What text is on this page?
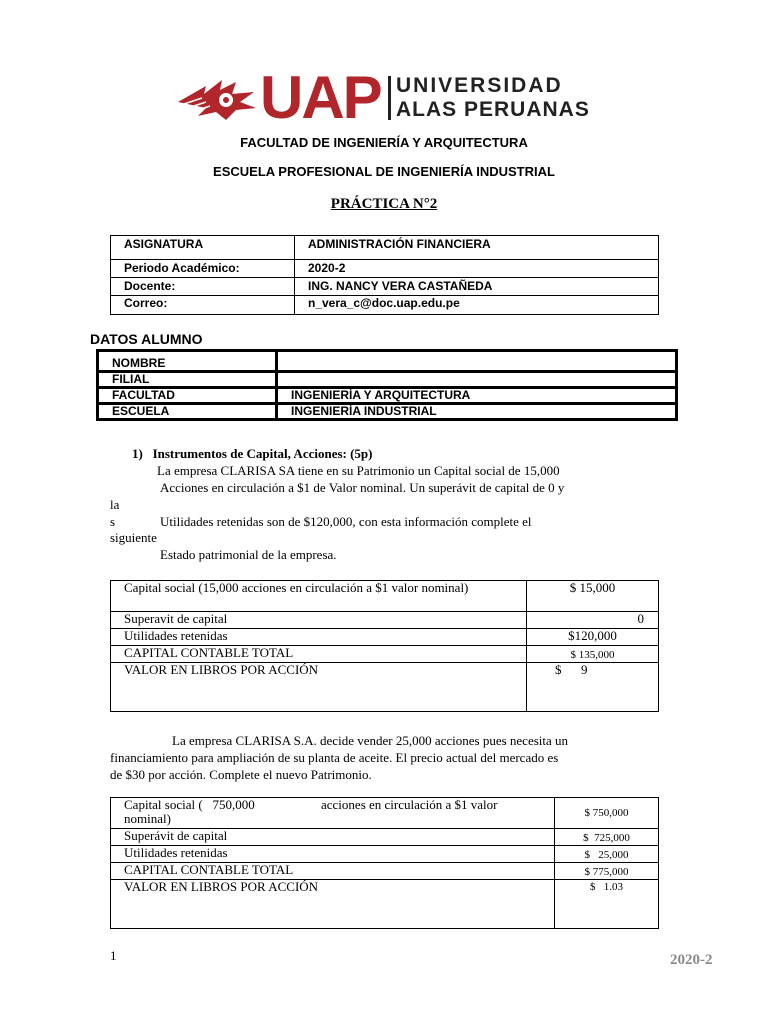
UAP UNIVERSIDAD
ALAS PERUANAS
FACULTAD DE INGENIERÍA Y ARQUITECTURA
ESCUELA PROFESIONAL DE INGENIERÍA INDUSTRIAL
PRÁCTICA N°2
ASIGNATURA	ADMINISTRACIÓN FINANCIERA
Periodo Académico:	2020-2
Docente:	ING. NANCY VERA CASTAÑEDA
Correo:	n_vera_c@doc.uap.edu.pe
DATOS ALUMNO
NOMBRE	
FILIAL	
FACULTAD	INGENIERÍA Y ARQUITECTURA
ESCUELA	INGENIERÍA INDUSTRIAL
1)   Instrumentos de Capital, Acciones: (5p)
La empresa CLARISA SA tiene en su Patrimonio un Capital social de 15,000
Acciones en circulación a $1 de Valor nominal. Un superávit de capital de 0 y
la
s	Utilidades retenidas son de $120,000, con esta información complete el
siguiente
Estado patrimonial de la empresa.
Capital social (15,000 acciones en circulación a $1 valor nominal)	$ 15,000
Superavit de capital	0
Utilidades retenidas	$120,000
CAPITAL CONTABLE TOTAL	$ 135,000
VALOR EN LIBROS POR ACCIÓN	$      9
La empresa CLARISA S.A. decide vender 25,000 acciones pues necesita un
financiamiento para ampliación de su planta de aceite. El precio actual del mercado es
de $30 por acción. Complete el nuevo Patrimonio.
Capital social (   750,000 acciones en circulación a $1 valor

nominal)	$ 750,000
Superávit de capital	$  725,000
Utilidades retenidas	$   25,000
CAPITAL CONTABLE TOTAL	$ 775,000
VALOR EN LIBROS POR ACCIÓN	$   1.03
1	2020-2
